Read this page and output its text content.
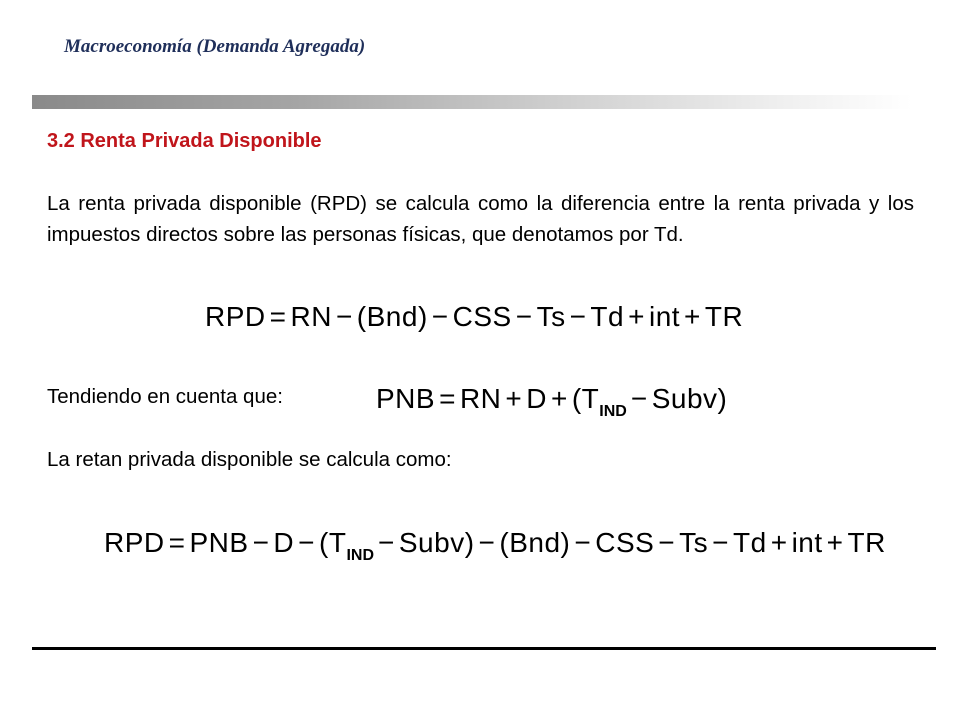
Macroeconomía (Demanda Agregada)
3.2 Renta Privada Disponible
La renta privada disponible (RPD) se calcula como la diferencia entre la renta privada y los impuestos directos sobre las personas físicas, que denotamos por Td.
RPD = RN − (Bnd) − CSS − Ts − Td + int + TR
Tendiendo en cuenta que:	PNB = RN + D + (TIND − Subv)
La retan privada disponible se calcula como:
RPD = PNB − D − (TIND − Subv) − (Bnd) − CSS − Ts − Td + int + TR
